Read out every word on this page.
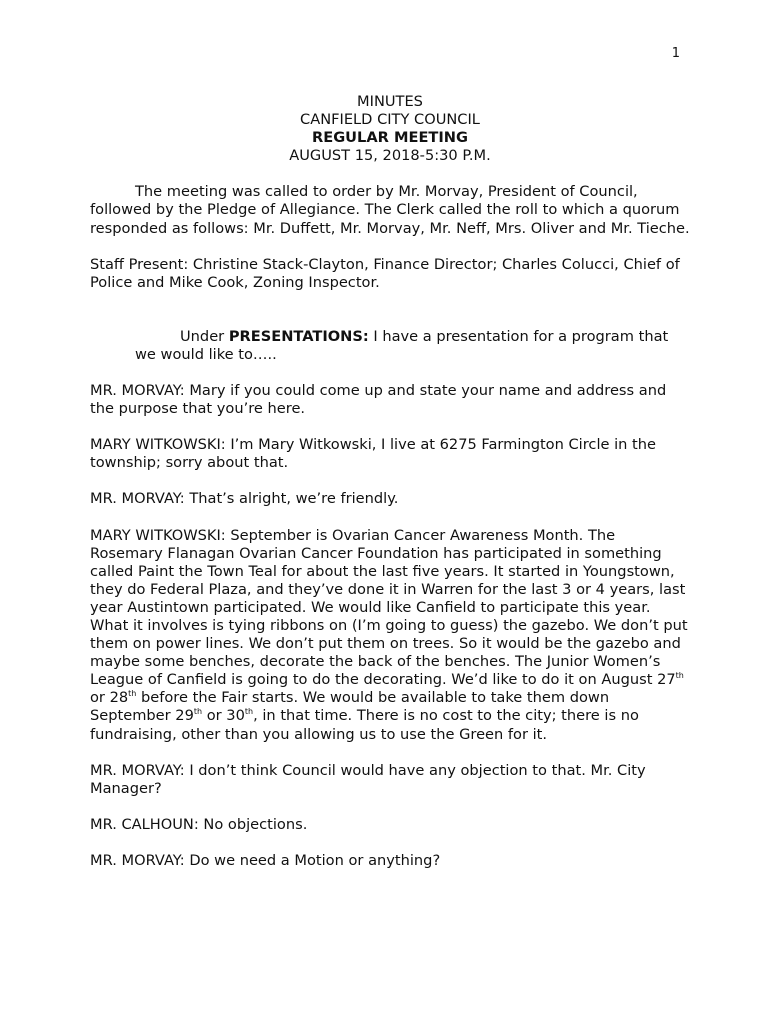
1
MINUTES
CANFIELD CITY COUNCIL
REGULAR MEETING
AUGUST 15, 2018-5:30 P.M.

The meeting was called to order by Mr. Morvay, President of Council, followed by the Pledge of Allegiance. The Clerk called the roll to which a quorum responded as follows: Mr. Duffett, Mr. Morvay, Mr. Neff, Mrs. Oliver and Mr. Tieche.

Staff Present: Christine Stack-Clayton, Finance Director; Charles Colucci, Chief of Police and Mike Cook, Zoning Inspector.

Under PRESENTATIONS: I have a presentation for a program that we would like to…..

MR. MORVAY: Mary if you could come up and state your name and address and the purpose that you’re here.

MARY WITKOWSKI: I’m Mary Witkowski, I live at 6275 Farmington Circle in the township; sorry about that.

MR. MORVAY: That’s alright, we’re friendly.

MARY WITKOWSKI: September is Ovarian Cancer Awareness Month. The Rosemary Flanagan Ovarian Cancer Foundation has participated in something called Paint the Town Teal for about the last five years. It started in Youngstown, they do Federal Plaza, and they’ve done it in Warren for the last 3 or 4 years, last year Austintown participated. We would like Canfield to participate this year. What it involves is tying ribbons on (I’m going to guess) the gazebo. We don’t put them on power lines. We don’t put them on trees. So it would be the gazebo and maybe some benches, decorate the back of the benches. The Junior Women’s League of Canfield is going to do the decorating. We’d like to do it on August 27th or 28th before the Fair starts. We would be available to take them down September 29th or 30th, in that time. There is no cost to the city; there is no fundraising, other than you allowing us to use the Green for it.

MR. MORVAY: I don’t think Council would have any objection to that. Mr. City Manager?

MR. CALHOUN: No objections.

MR. MORVAY: Do we need a Motion or anything?
